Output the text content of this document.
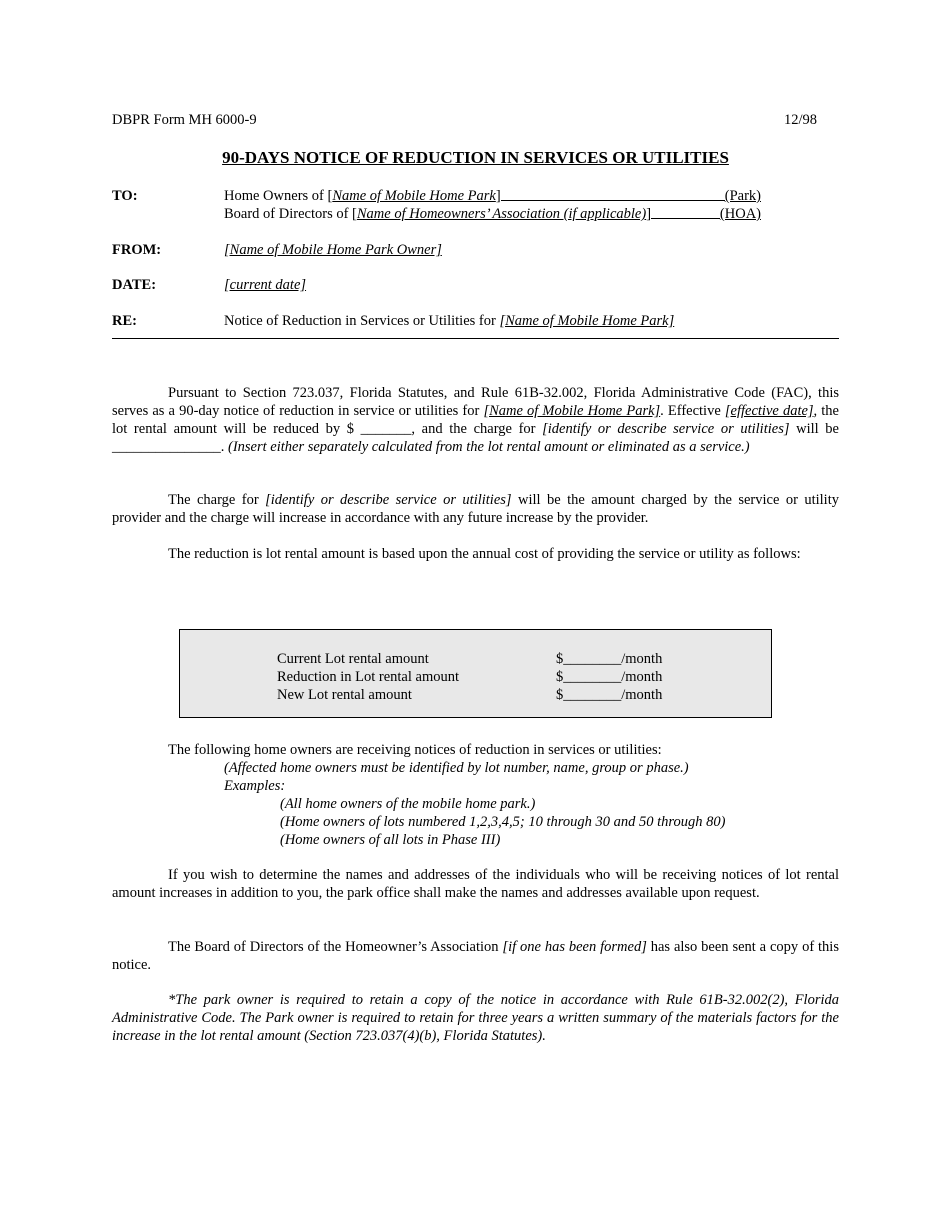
DBPR Form MH 6000-9	12/98
90-DAYS NOTICE OF REDUCTION IN SERVICES OR UTILITIES
TO:	Home Owners of [ Name of Mobile Home Park ]	(Park)
Board of Directors of [ Name of Homeowners’ Association (if applicable) ]	(HOA)
FROM:	[Name of Mobile Home Park Owner]
DATE:	[current date]
RE:	Notice of Reduction in Services or Utilities for [Name of Mobile Home Park]
Pursuant to Section 723.037, Florida Statutes, and Rule 61B-32.002, Florida Administrative Code (FAC), this serves as a 90-day notice of reduction in service or utilities for [Name of Mobile Home Park]. Effective [effective date], the lot rental amount will be reduced by $ _______, and the charge for [identify or describe service or utilities] will be _______________. (Insert either separately calculated from the lot rental amount or eliminated as a service.)
The charge for [identify or describe service or utilities] will be the amount charged by the service or utility provider and the charge will increase in accordance with any future increase by the provider.
The reduction is lot rental amount is based upon the annual cost of providing the service or utility as follows:
Current Lot rental amount	$________/month
Reduction in Lot rental amount	$________/month
New Lot rental amount	$________/month
The following home owners are receiving notices of reduction in services or utilities:
(Affected home owners must be identified by lot number, name, group or phase.)
Examples:
(All home owners of the mobile home park.)
(Home owners of lots numbered 1,2,3,4,5; 10 through 30 and 50 through 80)
(Home owners of all lots in Phase III)
If you wish to determine the names and addresses of the individuals who will be receiving notices of lot rental amount increases in addition to you, the park office shall make the names and addresses available upon request.
The Board of Directors of the Homeowner’s Association [if one has been formed] has also been sent a copy of this notice.
*The park owner is required to retain a copy of the notice in accordance with Rule 61B-32.002(2), Florida Administrative Code. The Park owner is required to retain for three years a written summary of the materials factors for the increase in the lot rental amount (Section 723.037(4)(b), Florida Statutes).
